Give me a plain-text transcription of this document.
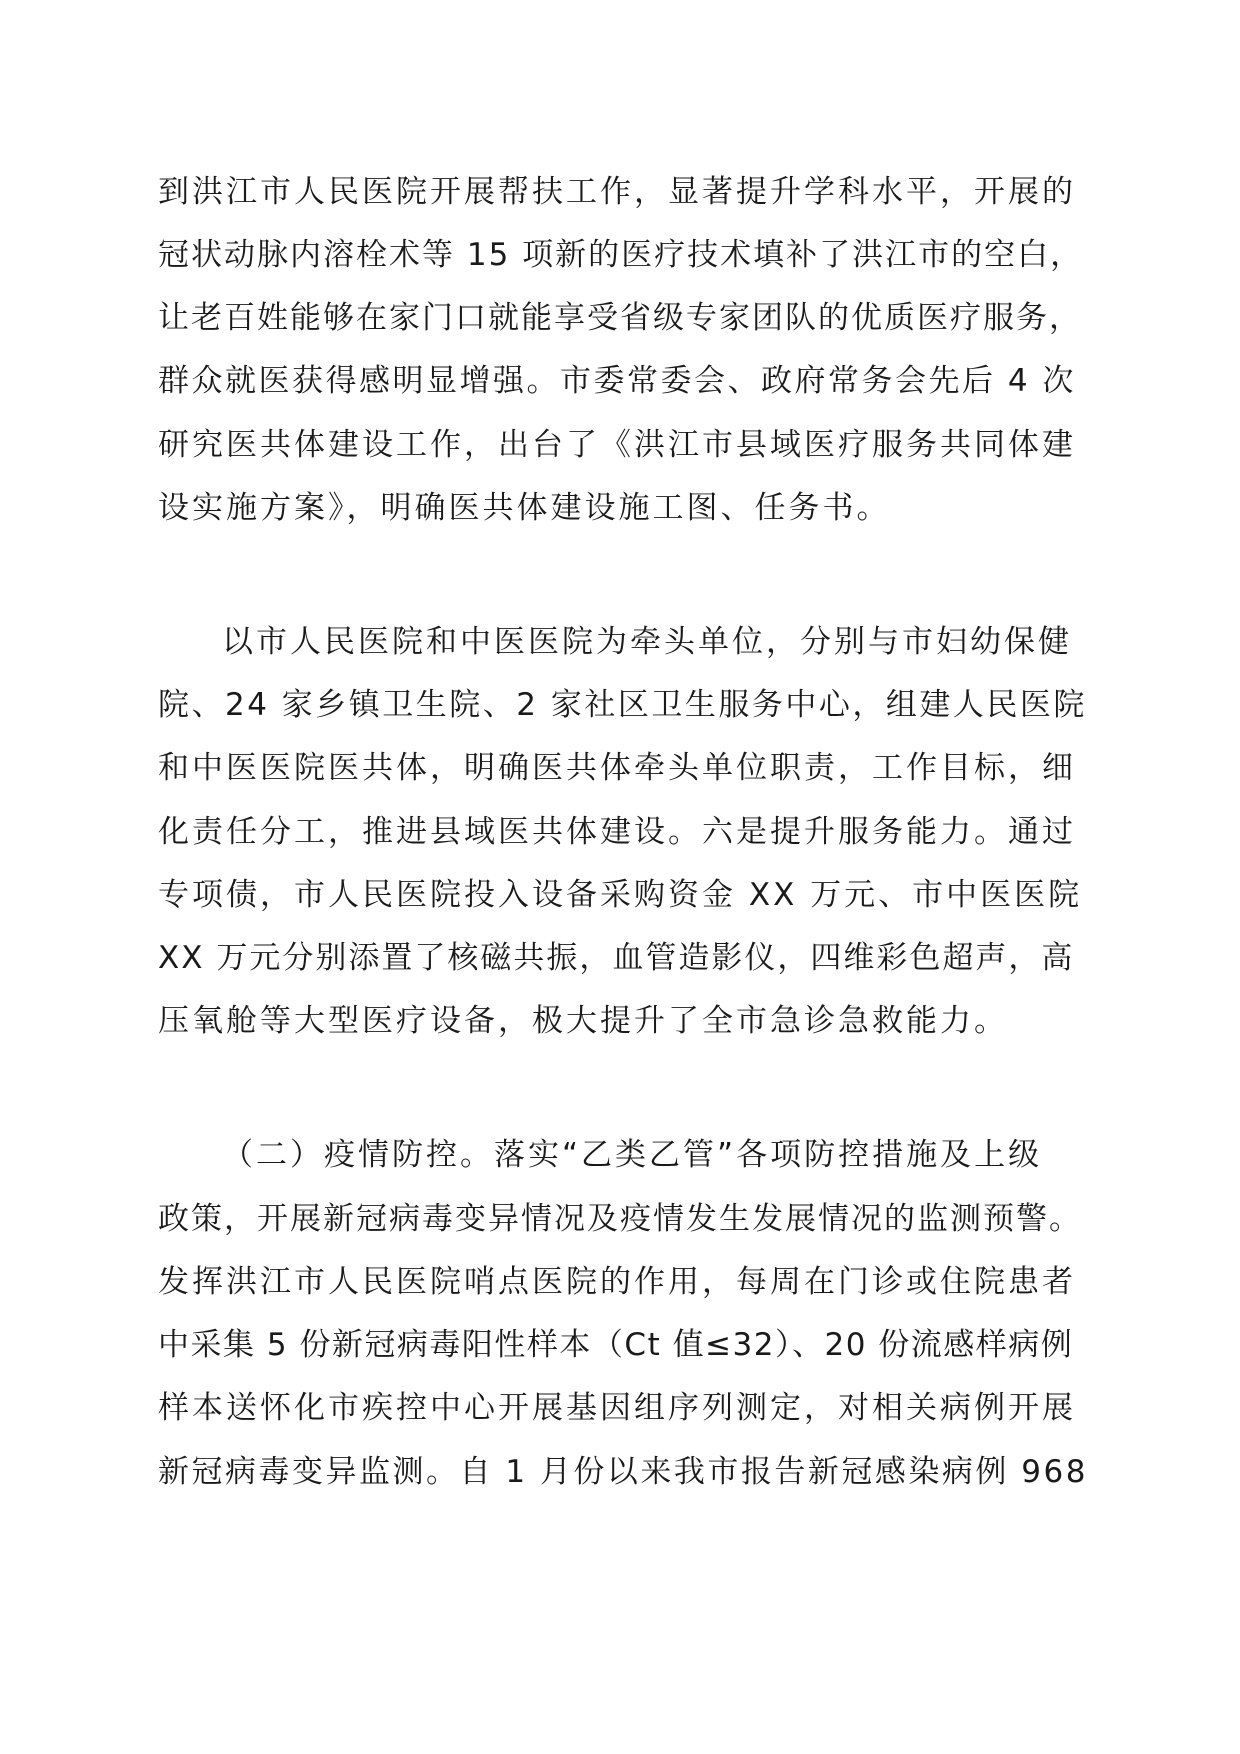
到洪江市人民医院开展帮扶工作，显著提升学科水平，开展的
冠状动脉内溶栓术等 15 项新的医疗技术填补了洪江市的空白，
让老百姓能够在家门口就能享受省级专家团队的优质医疗服务，
群众就医获得感明显增强。市委常委会、政府常务会先后 4 次
研究医共体建设工作，出台了《洪江市县域医疗服务共同体建
设实施方案》，明确医共体建设施工图、任务书。
以市人民医院和中医医院为牵头单位，分别与市妇幼保健
院、24 家乡镇卫生院、2 家社区卫生服务中心，组建人民医院
和中医医院医共体，明确医共体牵头单位职责，工作目标，细
化责任分工，推进县域医共体建设。六是提升服务能力。通过
专项债，市人民医院投入设备采购资金 XX 万元、市中医医院
XX 万元分别添置了核磁共振，血管造影仪，四维彩色超声，高
压氧舱等大型医疗设备，极大提升了全市急诊急救能力。
（二）疫情防控。落实“乙类乙管”各项防控措施及上级
政策，开展新冠病毒变异情况及疫情发生发展情况的监测预警。
发挥洪江市人民医院哨点医院的作用，每周在门诊或住院患者
中采集 5 份新冠病毒阳性样本（Ct 值≤32）、20 份流感样病例
样本送怀化市疾控中心开展基因组序列测定，对相关病例开展
新冠病毒变异监测。自 1 月份以来我市报告新冠感染病例 968
